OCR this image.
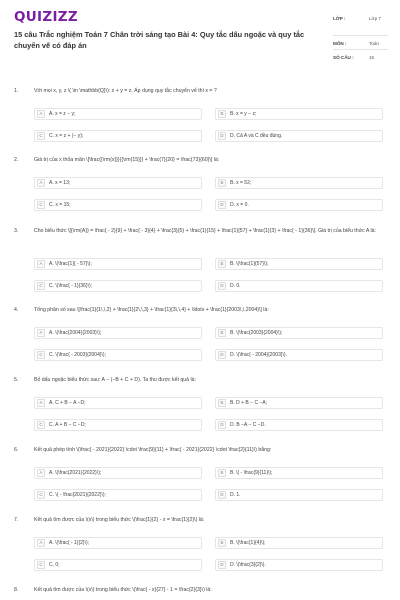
QUIZIZZ
15 câu Trắc nghiệm Toán 7 Chân trời sáng tạo Bài 4: Quy tắc dấu ngoặc và quy tắc chuyển vế có đáp án
LỚP :	Lớp 7
MÔN :	Toán
SỐ CÂU :	15
1.	Với mọi x, y, z \( \in \mathbb{Q}\): x + y = z. Áp dụng quy tắc chuyển vế thì x = ?
A	A. x = z − y;	B	B. x = y − z;
C	C. x = z + (− y);	D	D. Cả A và C đều đúng.
2.	Giá trị của x thỏa mãn \[\frac{{\rm{x}}}{{\rm{15}}} + \frac{7}{20} = \frac{73}{60}\] là:
A	A. x = 13;	B	B. x = 52;
C	C. x = 15;	D	D. x = 0.
3.	Cho biểu thức \[{\rm{A}} = \frac{ - 2}{9} + \frac{ - 3}{4} + \frac{3}{5} + \frac{1}{15} + \frac{1}{57} + \frac{1}{3} + \frac{ - 1}{36}\]. Giá trị của biểu thức A là:
A	A. \(\frac{1}{ - 57}\);	B	B. \(\frac{1}{57}\);
C	C. \(\frac{ - 1}{36}\);	D	D. 0.
4.	Tổng phân số sau \[\frac{1}{1\,\,2} + \frac{1}{2\,\,3} + \frac{1}{3\,\,4} + \ldots + \frac{1}{2003\,\,2004}\] là:
A	A. \(\frac{2004}{2003}\);	B	B. \(\frac{2003}{2004}\);
C	C. \(\frac{ - 2003}{2004}\);	D	D. \(\frac{ - 2004}{2003}\).
5.	Bỏ dấu ngoặc biểu thức sau: A − (−B + C + D). Ta thu được kết quả là:
A	A. C + B − A −D;	B	B. D + B − C −A;
C	C. A + B − C −D;	D	D. B −A − C −D.
6.	Kết quả phép tính \(\frac{ - 2021}{2022} \cdot \frac{9}{11} + \frac{ - 2021}{2022} \cdot \frac{2}{11}\) bằng:
A	A. \(\frac{2021}{2022}\);	B	B. \( - \frac{9}{11}\);
C	C. \( - \frac{2021}{2022}\);	D	D. 1.
7.	Kết quả tìm được của \(x\) trong biểu thức \(\frac{1}{2} - x = \frac{1}{2}\) là:
A	A. \(\frac{ - 1}{2}\);	B	B. \(\frac{1}{4}\);
C	C. 0;	D	D. \(\frac{3}{2}\).
8.	Kết quả tìm được của \(x\) trong biểu thức \(\frac{ - x}{27} - 1 = \frac{2}{3}\) là:
